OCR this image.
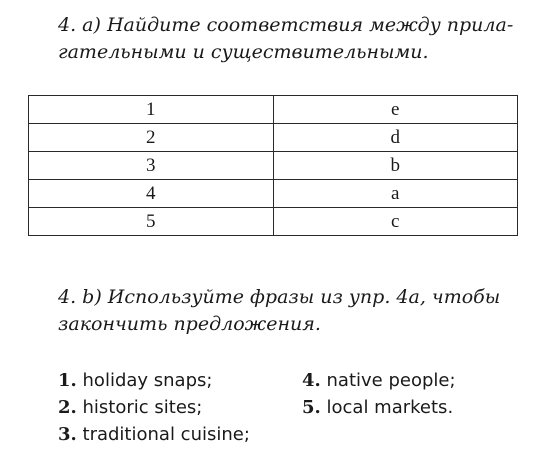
4. a) Найдите соответствия между прила-
гательными и существительными.

1	e
2	d
3	b
4	a
5	c

4. b) Используйте фразы из упр. 4a, чтобы
закончить предложения.

1. holiday snaps;
2. historic sites;
3. traditional cuisine;
4. native people;
5. local markets.
